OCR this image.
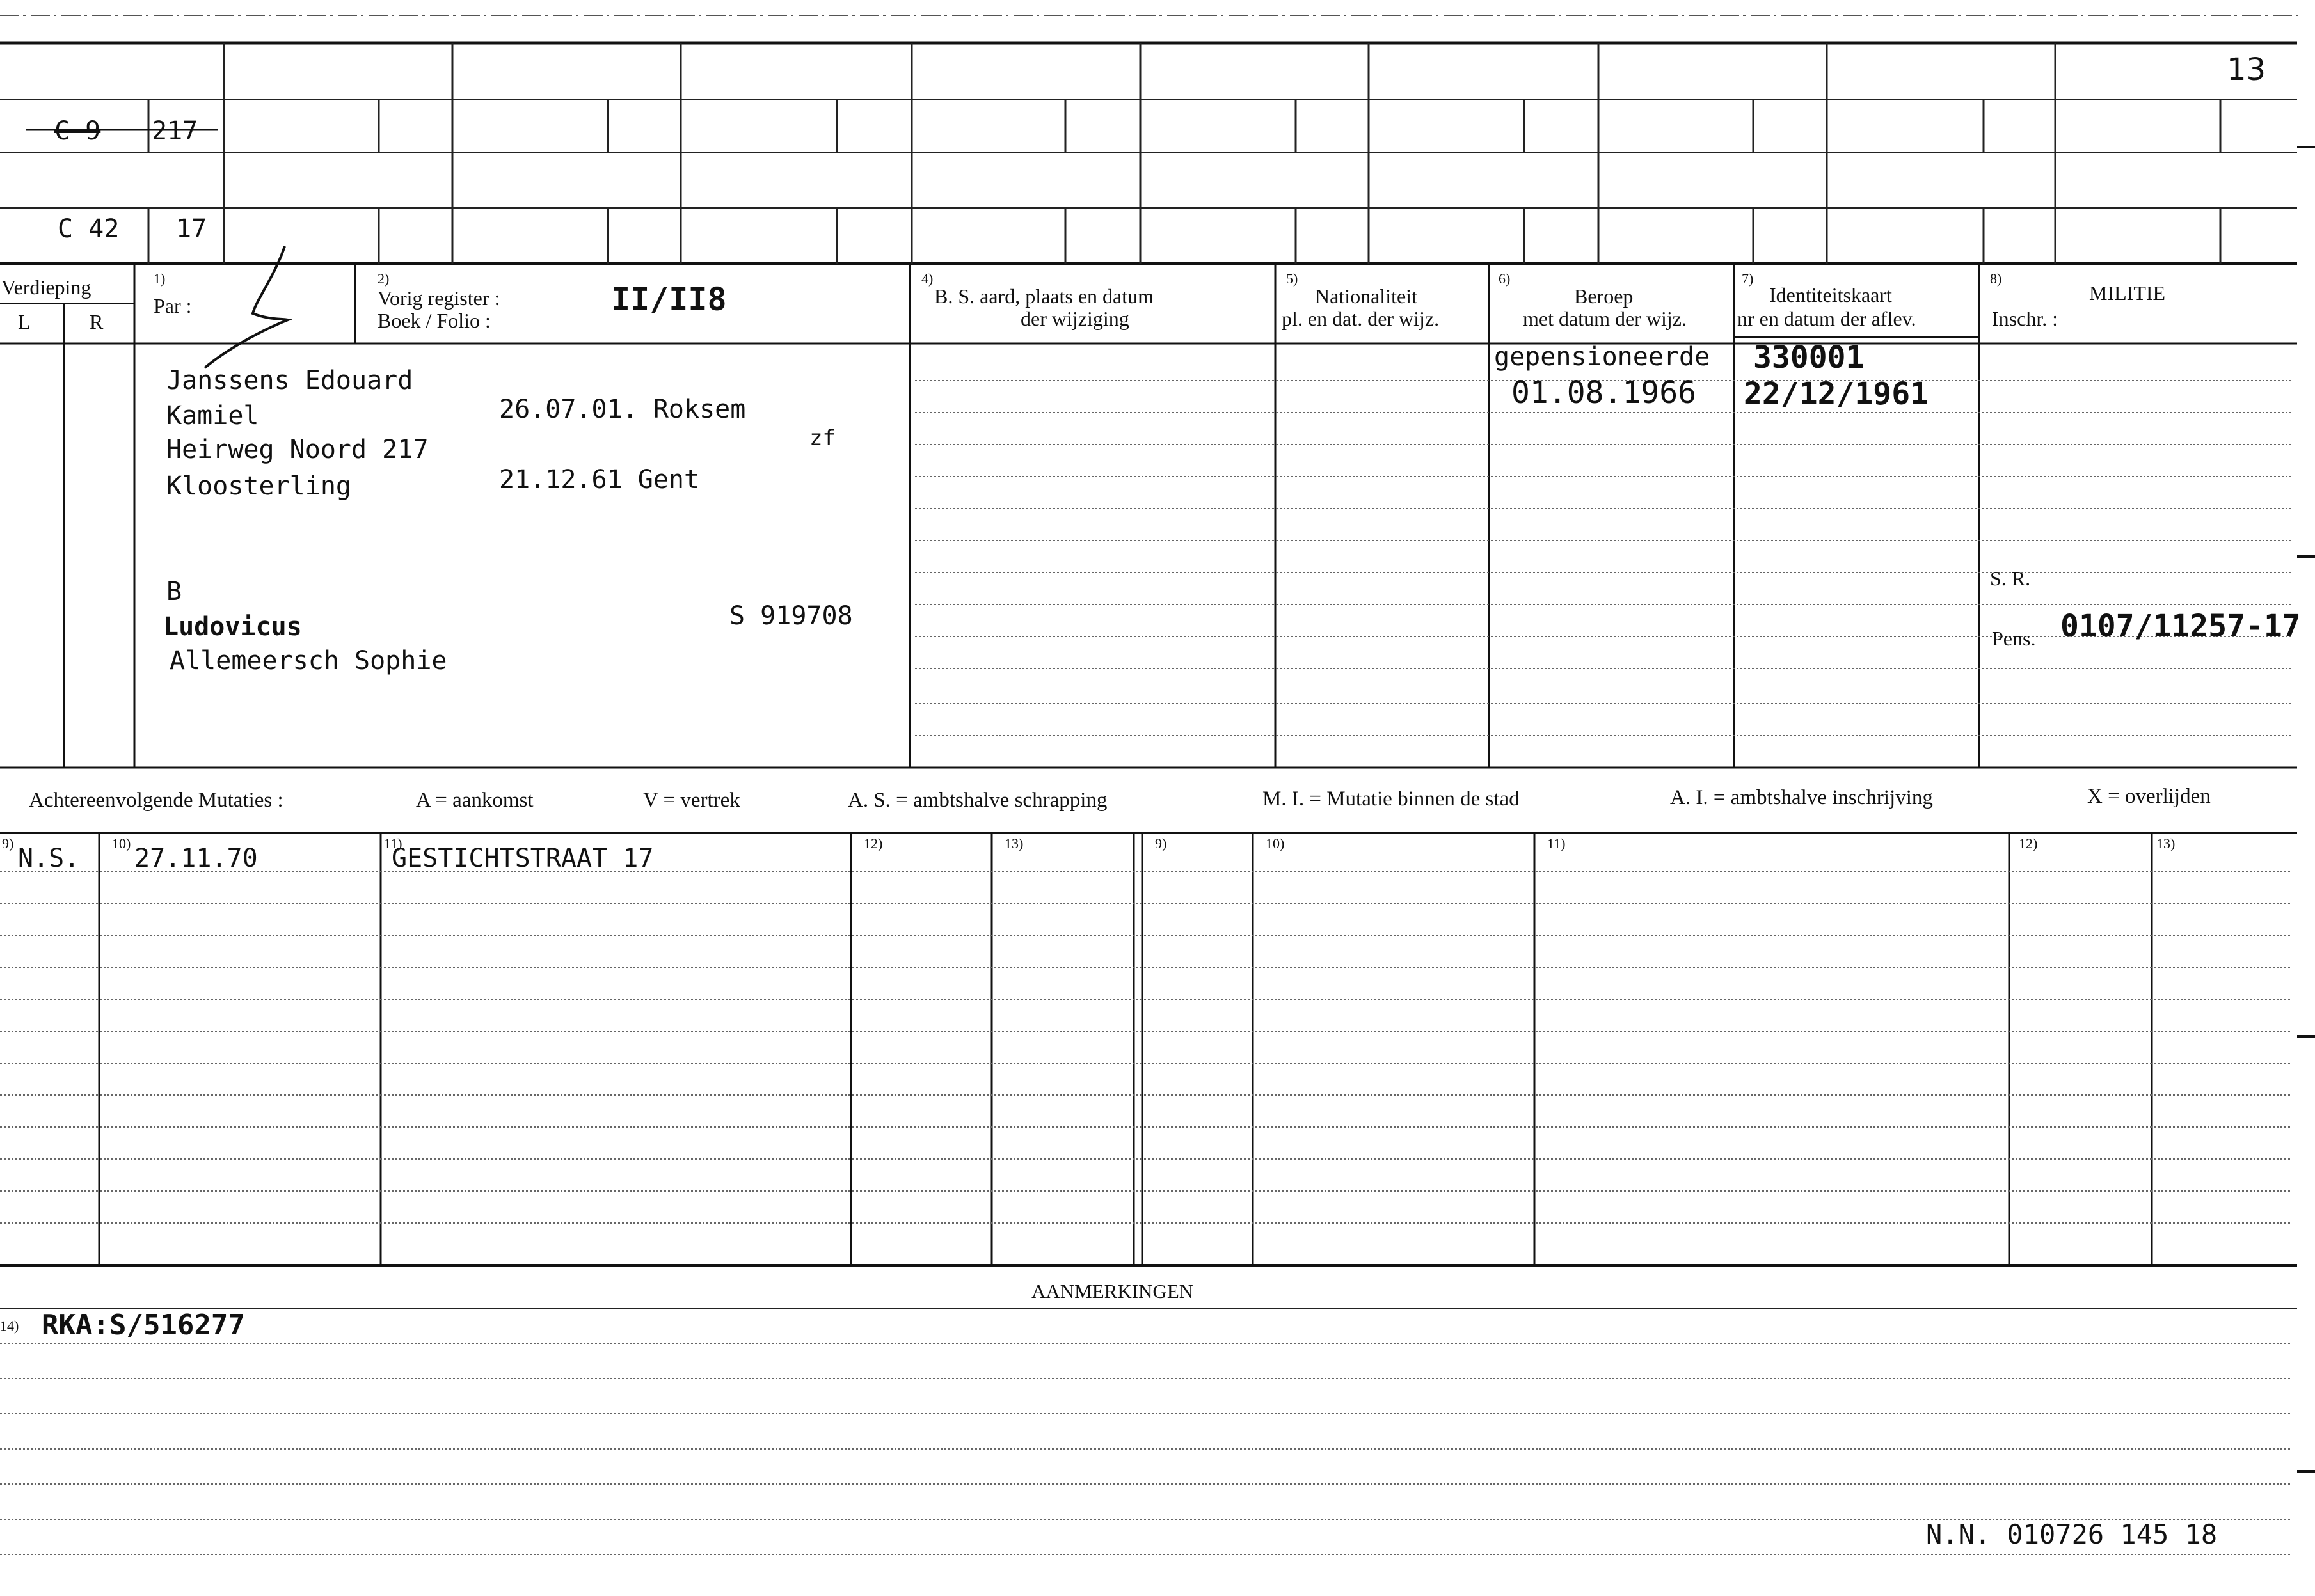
C 9 217
C 42 17
13
Verdieping
L	R
1)
Par :
2)
Vorig register :
Boek / Folio :
II/II8
4)
B. S. aard, plaats en datum
der wijziging
5)
Nationaliteit
pl. en dat. der wijz.
6)
Beroep
met datum der wijz.
7)
Identiteitskaart
nr en datum der aflev.
8)
MILITIE
Inschr. :
Janssens Edouard
Kamiel	26.07.01. Roksem
Heirweg Noord 217	zf
Kloosterling	21.12.61 Gent
B
Ludovicus	S 919708
Allemeersch Sophie
gepensioneerde
01.08.1966
330001
22/12/1961
S. R.
Pens. 0107/11257-17
Achtereenvolgende Mutaties :	A = aankomst	V = vertrek	A. S. = ambtshalve schrapping	M. I. = Mutatie binnen de stad	A. I. = ambtshalve inschrijving	X = overlijden
9)	10)	11)	12)	13)	9)	10)	11)	12)	13)
N.S. 27.11.70	GESTICHTSTRAAT 17
AANMERKINGEN
14) RKA:S/516277
N.N. 010726 145 18
